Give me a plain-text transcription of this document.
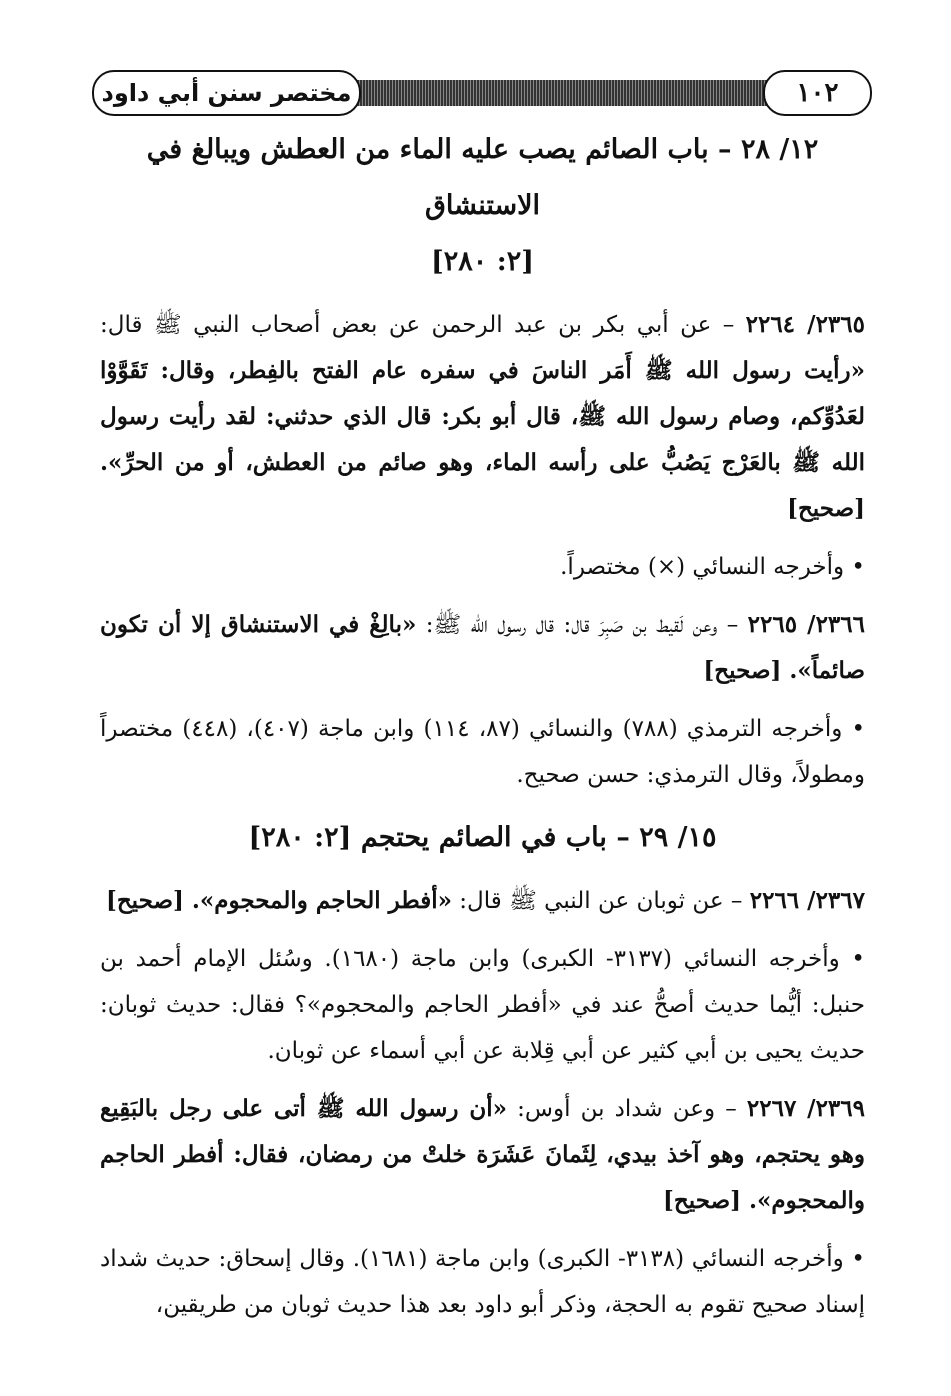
مختصر سنن أبي داود	١٠٢
١٢/ ٢٨ – باب الصائم يصب عليه الماء من العطش ويبالغ في الاستنشاق
[٢: ٢٨٠]

٢٣٦٥/ ٢٢٦٤ – عن أبي بكر بن عبد الرحمن عن بعض أصحاب النبي ﷺ قال: «رأيت رسول الله ﷺ أَمَر الناسَ في سفره عام الفتح بالفِطر، وقال: تَقَوَّوْا لعَدُوِّكم، وصام رسول الله ﷺ، قال أبو بكر: قال الذي حدثني: لقد رأيت رسول الله ﷺ بالعَرْج يَصُبُّ على رأسه الماء، وهو صائم من العطش، أو من الحرِّ». [صحيح]

• وأخرجه النسائي (×) مختصراً.

٢٣٦٦/ ٢٢٦٥ – وعن لَقيط بن صَبِرَ قال: قال رسول الله ﷺ: «بالِغْ في الاستنشاق إلا أن تكون صائماً». [صحيح]

• وأخرجه الترمذي (٧٨٨) والنسائي (٨٧، ١١٤) وابن ماجة (٤٠٧)، (٤٤٨) مختصراً ومطولاً، وقال الترمذي: حسن صحيح.

١٥/ ٢٩ – باب في الصائم يحتجم [٢: ٢٨٠]

٢٣٦٧/ ٢٢٦٦ – عن ثوبان عن النبي ﷺ قال: «أفطر الحاجم والمحجوم». [صحيح]

• وأخرجه النسائي (٣١٣٧- الكبرى) وابن ماجة (١٦٨٠). وسُئل الإمام أحمد بن حنبل: أيُّما حديث أصحُّ عند في «أفطر الحاجم والمحجوم»؟ فقال: حديث ثوبان: حديث يحيى بن أبي كثير عن أبي قِلابة عن أبي أسماء عن ثوبان.

٢٣٦٩/ ٢٢٦٧ – وعن شداد بن أوس: «أن رسول الله ﷺ أتى على رجل بالبَقِيع وهو يحتجم، وهو آخذ بيدي، لِثَمانَ عَشَرَة خلتْ من رمضان، فقال: أفطر الحاجم والمحجوم». [صحيح]

• وأخرجه النسائي (٣١٣٨- الكبرى) وابن ماجة (١٦٨١). وقال إسحاق: حديث شداد إسناد صحيح تقوم به الحجة، وذكر أبو داود بعد هذا حديث ثوبان من طريقين،
